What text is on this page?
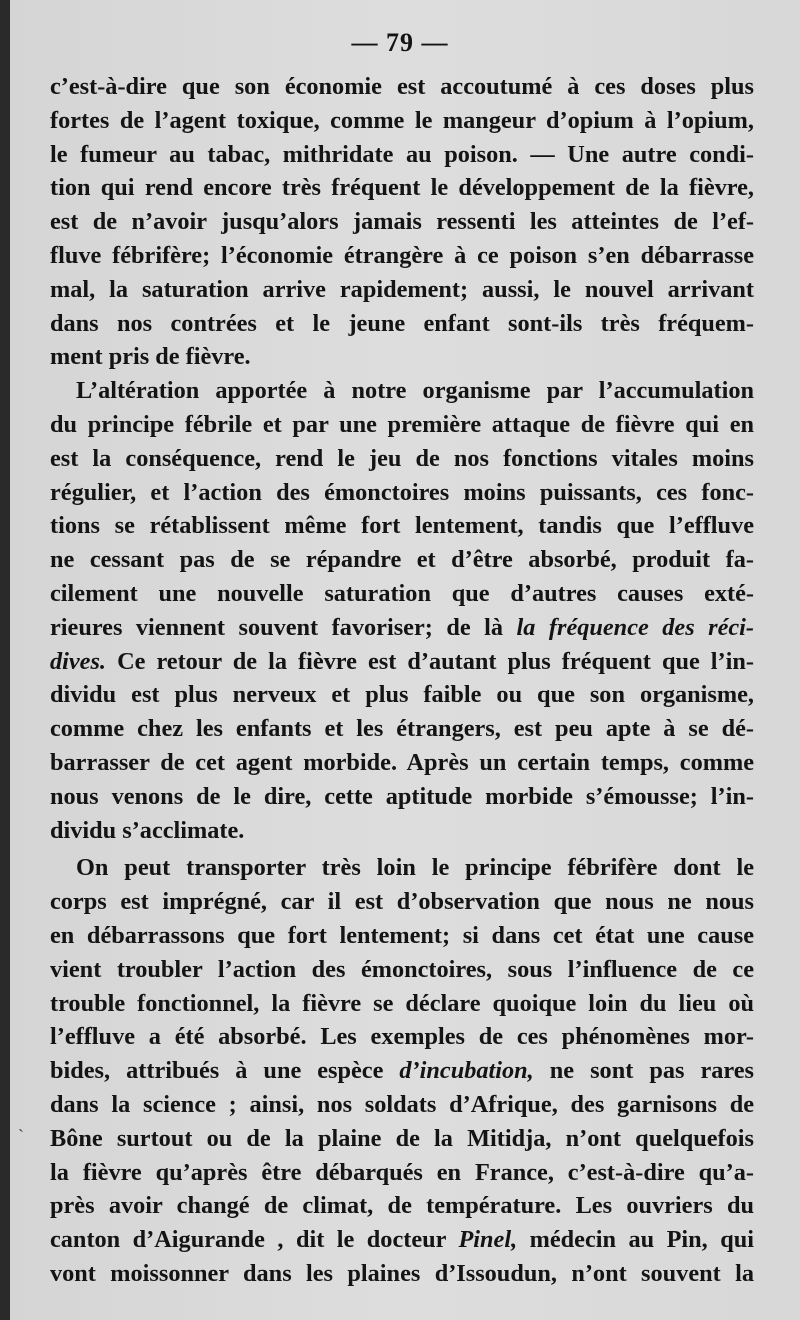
— 79 —
`
c’est-à-dire que son économie est accoutumé à ces doses plus
fortes de l’agent toxique, comme le mangeur d’opium à l’opium,
le fumeur au tabac, mithridate au poison. — Une autre condi-
tion qui rend encore très fréquent le développement de la fièvre,
est de n’avoir jusqu’alors jamais ressenti les atteintes de l’ef-
fluve fébrifère; l’économie étrangère à ce poison s’en débarrasse
mal, la saturation arrive rapidement; aussi, le nouvel arrivant
dans nos contrées et le jeune enfant sont-ils très fréquem-
ment pris de fièvre.
L’altération apportée à notre organisme par l’accumulation
du principe fébrile et par une première attaque de fièvre qui en
est la conséquence, rend le jeu de nos fonctions vitales moins
régulier, et l’action des émonctoires moins puissants, ces fonc-
tions se rétablissent même fort lentement, tandis que l’effluve
ne cessant pas de se répandre et d’être absorbé, produit fa-
cilement une nouvelle saturation que d’autres causes exté-
rieures viennent souvent favoriser; de là la fréquence des réci-
dives. Ce retour de la fièvre est d’autant plus fréquent que l’in-
dividu est plus nerveux et plus faible ou que son organisme,
comme chez les enfants et les étrangers, est peu apte à se dé-
barrasser de cet agent morbide. Après un certain temps, comme
nous venons de le dire, cette aptitude morbide s’émousse; l’in-
dividu s’acclimate.
On peut transporter très loin le principe fébrifère dont le
corps est imprégné, car il est d’observation que nous ne nous
en débarrassons que fort lentement; si dans cet état une cause
vient troubler l’action des émonctoires, sous l’influence de ce
trouble fonctionnel, la fièvre se déclare quoique loin du lieu où
l’effluve a été absorbé. Les exemples de ces phénomènes mor-
bides, attribués à une espèce d’incubation, ne sont pas rares
dans la science ; ainsi, nos soldats d’Afrique, des garnisons de
Bône surtout ou de la plaine de la Mitidja, n’ont quelquefois
la fièvre qu’après être débarqués en France, c’est-à-dire qu’a-
près avoir changé de climat, de température. Les ouvriers du
canton d’Aigurande , dit le docteur Pinel, médecin au Pin, qui
vont moissonner dans les plaines d’Issoudun, n’ont souvent la
